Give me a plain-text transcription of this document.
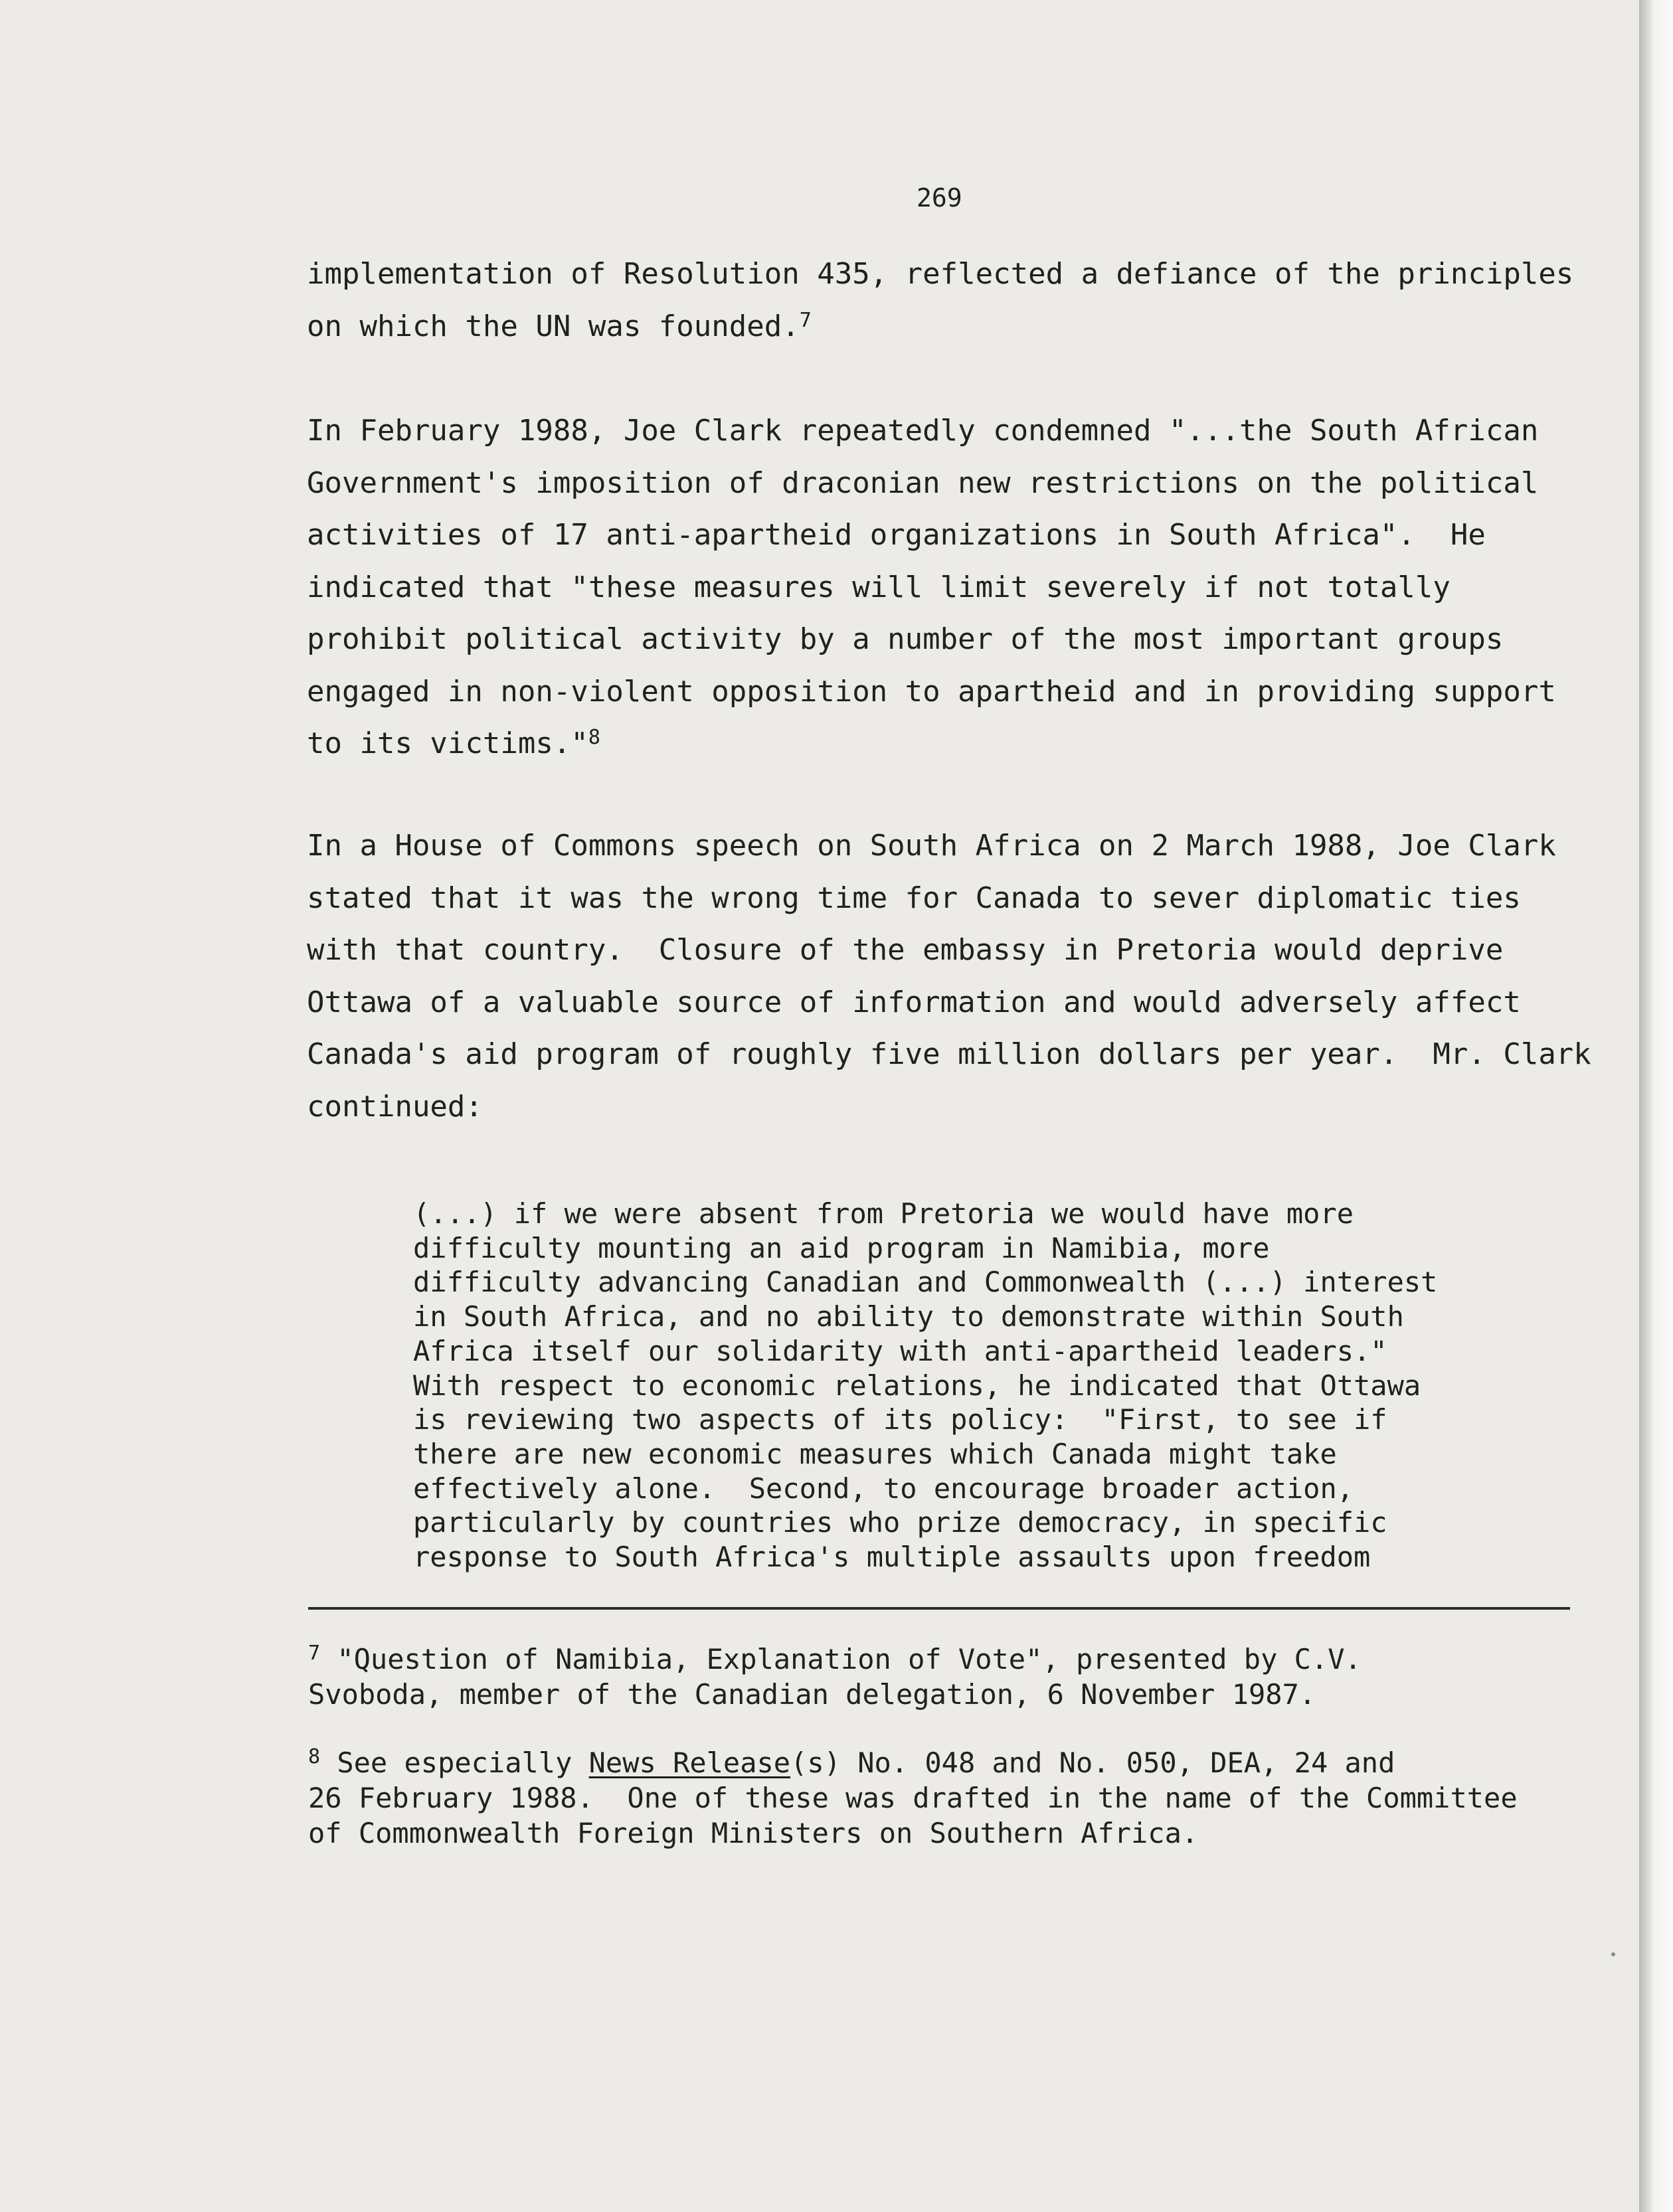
269

implementation of Resolution 435, reflected a defiance of the principles
on which the UN was founded.$^7$

In February 1988, Joe Clark repeatedly condemned "...the South African
Government's imposition of draconian new restrictions on the political
activities of 17 anti-apartheid organizations in South Africa".  He
indicated that "these measures will limit severely if not totally
prohibit political activity by a number of the most important groups
engaged in non-violent opposition to apartheid and in providing support
to its victims."$^8$

In a House of Commons speech on South Africa on 2 March 1988, Joe Clark
stated that it was the wrong time for Canada to sever diplomatic ties
with that country.  Closure of the embassy in Pretoria would deprive
Ottawa of a valuable source of information and would adversely affect
Canada's aid program of roughly five million dollars per year.  Mr. Clark
continued:

(...) if we were absent from Pretoria we would have more
difficulty mounting an aid program in Namibia, more
difficulty advancing Canadian and Commonwealth (...) interest
in South Africa, and no ability to demonstrate within South
Africa itself our solidarity with anti-apartheid leaders."
With respect to economic relations, he indicated that Ottawa
is reviewing two aspects of its policy:  "First, to see if
there are new economic measures which Canada might take
effectively alone.  Second, to encourage broader action,
particularly by countries who prize democracy, in specific
response to South Africa's multiple assaults upon freedom

$^7$ "Question of Namibia, Explanation of Vote", presented by C.V.
Svoboda, member of the Canadian delegation, 6 November 1987.

$^8$ See especially News Release(s) No. 048 and No. 050, DEA, 24 and
26 February 1988.  One of these was drafted in the name of the Committee
of Commonwealth Foreign Ministers on Southern Africa.
